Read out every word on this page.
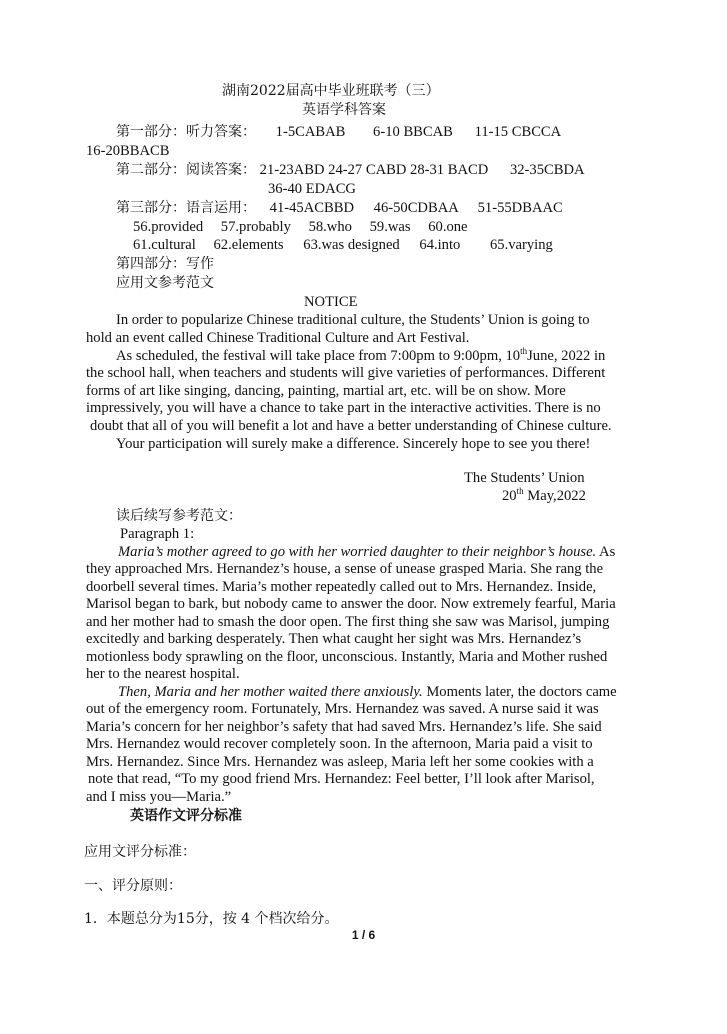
湖南2022届高中毕业班联考（三）
英语学科答案
第一部分：听力答案： 1-5CABAB 6-10 BBCAB 11-15 CBCCA
16-20BBACB
第二部分：阅读答案： 21-23ABD 24-27 CABD 28-31 BACD 32-35CBDA
36-40 EDACG
第三部分：语言运用： 41-45ACBBD 46-50CDBAA 51-55DBAAC
56.provided 57.probably 58.who 59.was 60.one
61.cultural 62.elements 63.was designed 64.into 65.varying
第四部分：写作
应用文参考范文
NOTICE
In order to popularize Chinese traditional culture, the Students’ Union is going to
hold an event called Chinese Traditional Culture and Art Festival.
As scheduled, the festival will take place from 7:00pm to 9:00pm, 10thJune, 2022 in
the school hall, when teachers and students will give varieties of performances. Different
forms of art like singing, dancing, painting, martial art, etc. will be on show. More
impressively, you will have a chance to take part in the interactive activities. There is no
doubt that all of you will benefit a lot and have a better understanding of Chinese culture.
Your participation will surely make a difference. Sincerely hope to see you there!
The Students’ Union
20th May,2022
读后续写参考范文：
Paragraph 1:
Maria’s mother agreed to go with her worried daughter to their neighbor’s house. As
they approached Mrs. Hernandez’s house, a sense of unease grasped Maria. She rang the
doorbell several times. Maria’s mother repeatedly called out to Mrs. Hernandez. Inside,
Marisol began to bark, but nobody came to answer the door. Now extremely fearful, Maria
and her mother had to smash the door open. The first thing she saw was Marisol, jumping
excitedly and barking desperately. Then what caught her sight was Mrs. Hernandez’s
motionless body sprawling on the floor, unconscious. Instantly, Maria and Mother rushed
her to the nearest hospital.
Then, Maria and her mother waited there anxiously. Moments later, the doctors came
out of the emergency room. Fortunately, Mrs. Hernandez was saved. A nurse said it was
Maria’s concern for her neighbor’s safety that had saved Mrs. Hernandez’s life. She said
Mrs. Hernandez would recover completely soon. In the afternoon, Maria paid a visit to
Mrs. Hernandez. Since Mrs. Hernandez was asleep, Maria left her some cookies with a
note that read, “To my good friend Mrs. Hernandez: Feel better, I’ll look after Marisol,
and I miss you—Maria.”
英语作文评分标准
应用文评分标准：
一、评分原则：
1．本题总分为15分，按 4 个档次给分。
1 / 6
